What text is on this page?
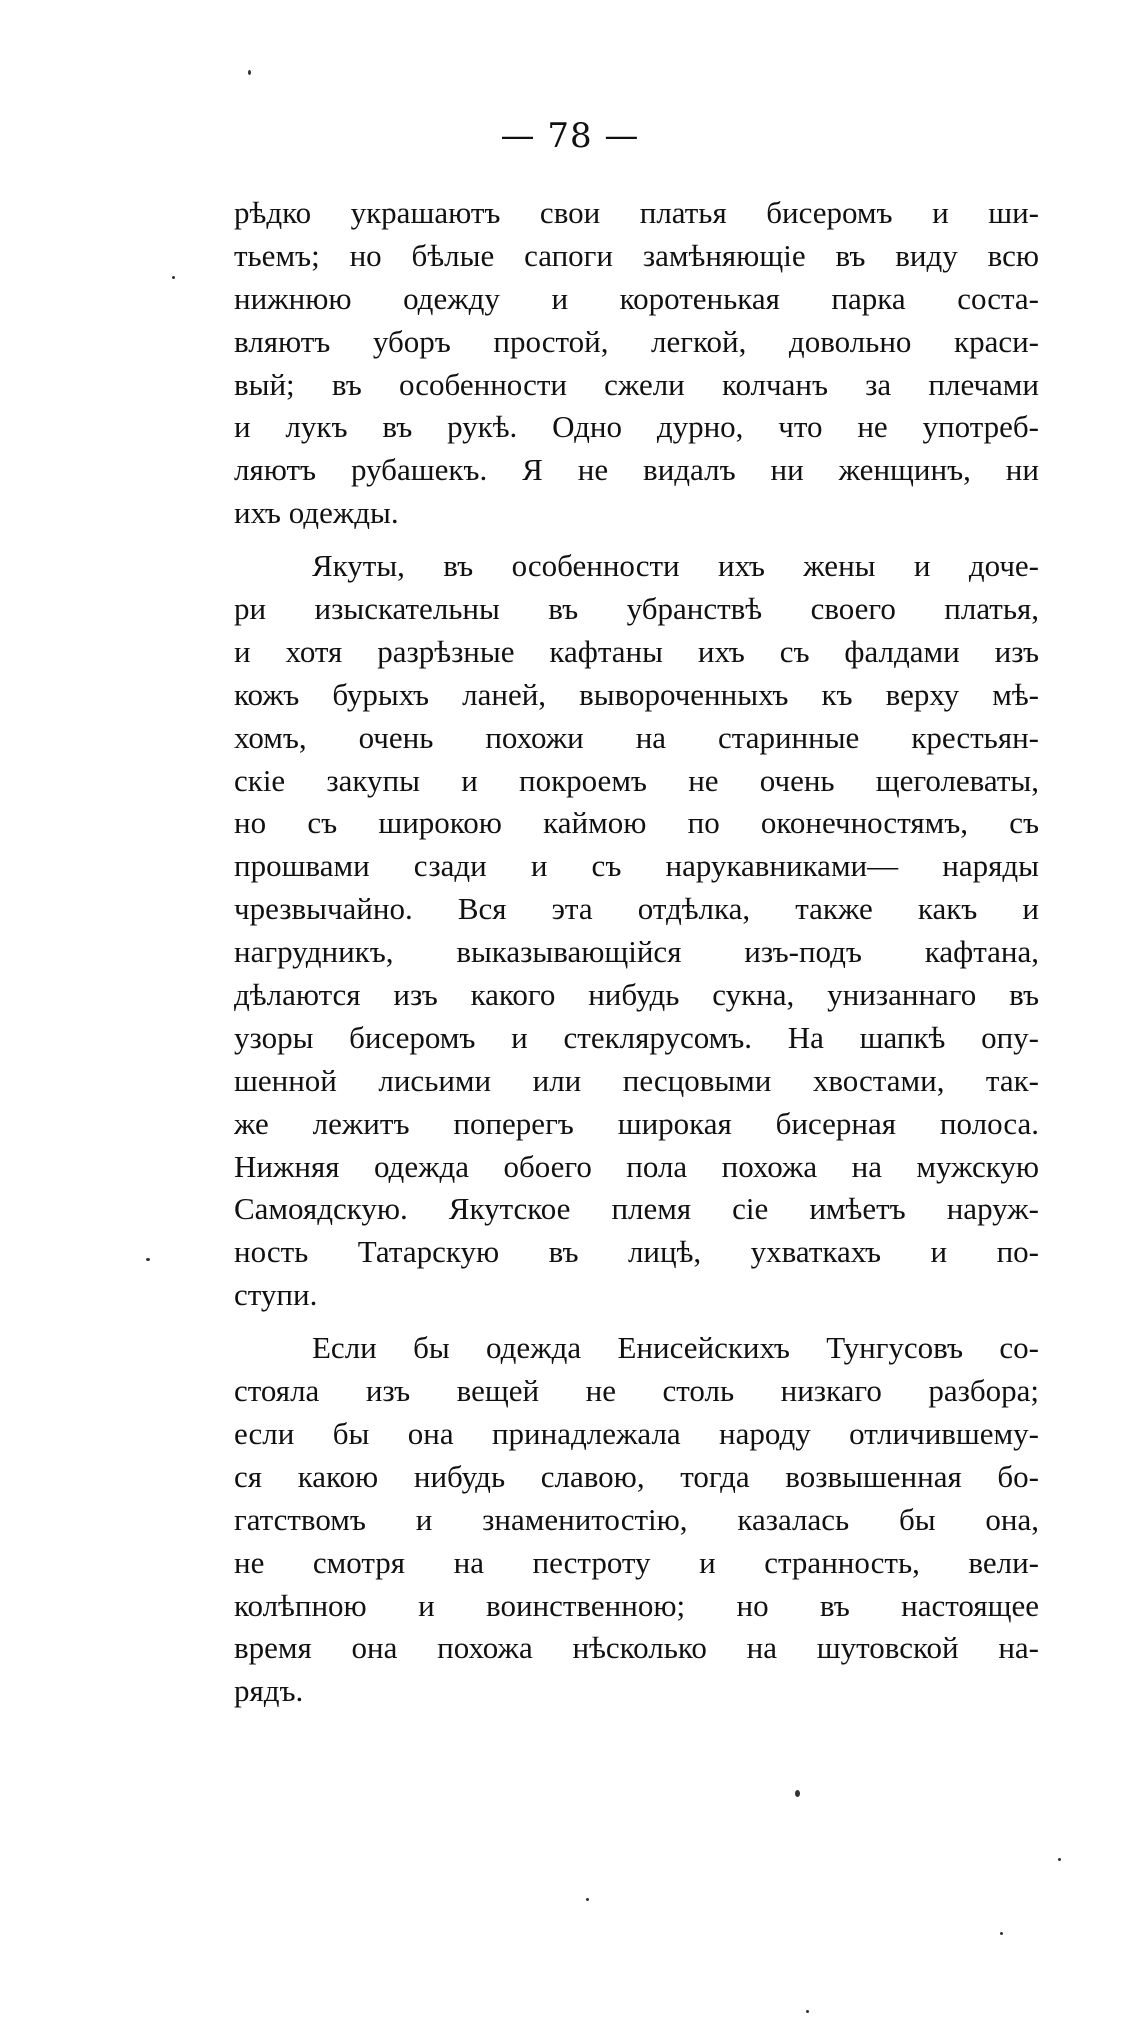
— 78 —
рѣдко украшаютъ свои платья бисеромъ и ши-
тьемъ; но бѣлые сапоги замѣняющіе въ виду всю
нижнюю одежду и коротенькая парка соста-
вляютъ уборъ простой, легкой, довольно краси-
вый; въ особенности сжели колчанъ за плечами
и лукъ въ рукѣ. Одно дурно, что не употреб-
ляютъ рубашекъ. Я не видалъ ни женщинъ, ни
ихъ одежды.
Якуты, въ особенности ихъ жены и доче-
ри изыскательны въ убранствѣ своего платья,
и хотя разрѣзные кафтаны ихъ съ фалдами изъ
кожъ бурыхъ ланей, вывороченныхъ къ верху мѣ-
хомъ, очень похожи на старинные крестьян-
скіе закупы и покроемъ не очень щеголеваты,
но съ широкою каймою по оконечностямъ, съ
прошвами сзади и съ нарукавниками— наряды
чрезвычайно. Вся эта отдѣлка, также какъ и
нагрудникъ, выказывающійся изъ-подъ кафтана,
дѣлаются изъ какого нибудь сукна, унизаннаго въ
узоры бисеромъ и стеклярусомъ. На шапкѣ опу-
шенной лисьими или песцовыми хвостами, так-
же лежитъ поперегъ широкая бисерная полоса.
Нижняя одежда обоего пола похожа на мужскую
Самоядскую. Якутское племя сіе имѣетъ наруж-
ность Татарскую въ лицѣ, ухваткахъ и по-
ступи.
Если бы одежда Енисейскихъ Тунгусовъ со-
стояла изъ вещей не столь низкаго разбора;
если бы она принадлежала народу отличившему-
ся какою нибудь славою, тогда возвышенная бо-
гатствомъ и знаменитостію, казалась бы она,
не смотря на пестроту и странность, вели-
колѣпною и воинственною; но въ настоящее
время она похожа нѣсколько на шутовской на-
рядъ.
